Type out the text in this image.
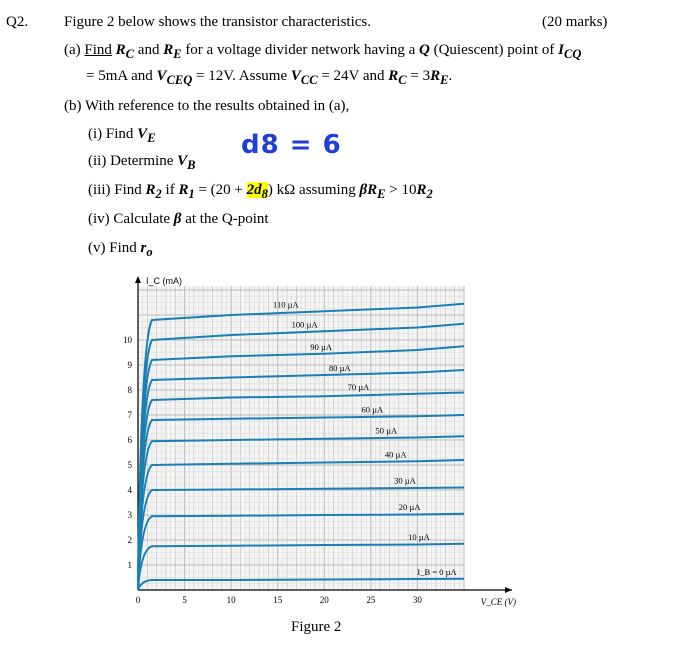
Q2. Figure 2 below shows the transistor characteristics.	(20 marks)
(a) Find $R_C$ and $R_E$ for a voltage divider network having a Q (Quiescent) point of $I_{CQ}$
= 5mA and $V_{CEQ} = 12V$. Assume $V_{CC} = 24V$ and $R_C = 3R_E$.
(b) With reference to the results obtained in (a),
(i) Find $V_E$	d8 = 6
(ii) Determine $V_B$
(iii) Find $R_2$ if $R_1 = (20 + 2d_8)$ kΩ assuming $\beta R_E > 10R_2$
(iv) Calculate β at the Q-point
(v) Find $r_o$
0	5	10	15	20	25	30
1
2
3
4
5
6
7
8
9
10
I_C (mA)
V_CE (V)
110 µA
100 µA
90 µA
80 µA
70 µA
60 µA
50 µA
40 µA
30 µA
20 µA
10 µA
I_B = 0 µA
Figure 2
